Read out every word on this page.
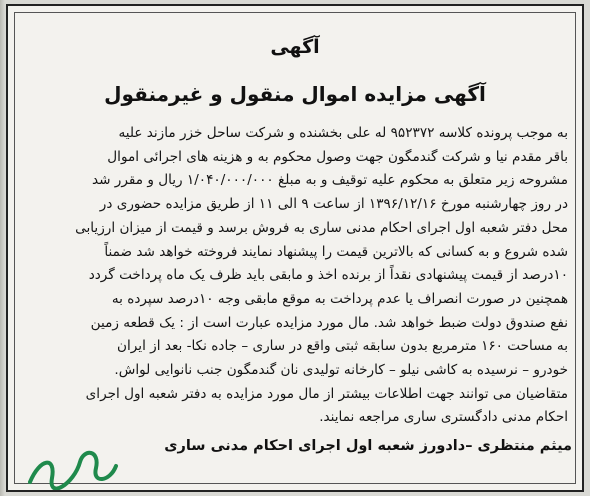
آگهی
آگهی مزایده اموال منقول و غیرمنقول
به موجب پرونده کلاسه ۹۵۲۳۷۲ له علی بخشنده و شرکت ساحل خزر مازند علیه
باقر مقدم نیا و شرکت گندمگون جهت وصول محکوم به و هزینه های اجرائی اموال
مشروحه زیر متعلق به محکوم علیه توقیف و به مبلغ ۱/۰۴۰/۰۰۰/۰۰۰ ریال و مقرر شد
در روز چهارشنبه مورخ ۱۳۹۶/۱۲/۱۶ از ساعت ۹ الی ۱۱ از طریق مزایده حضوری در
محل دفتر شعبه اول اجرای احکام مدنی ساری به فروش برسد و قیمت از میزان ارزیابی
شده شروع و به کسانی که بالاترین قیمت را پیشنهاد نمایند فروخته خواهد شد ضمناً
۱۰درصد از قیمت پیشنهادی نقداً از برنده اخذ و مابقی باید ظرف یک ماه پرداخت گردد
همچنین در صورت انصراف یا عدم پرداخت به موقع مابقی وجه ۱۰درصد سپرده به
نفع صندوق دولت ضبط خواهد شد. مال مورد مزایده عبارت است از : یک قطعه زمین
به مساحت ۱۶۰ مترمربع بدون سابقه ثبتی واقع در ساری – جاده نکا- بعد از ایران
خودرو – نرسیده به کاشی نیلو – کارخانه تولیدی نان گندمگون جنب نانوایی لواش.
متقاضیان می توانند جهت اطلاعات بیشتر از مال مورد مزایده به دفتر شعبه اول اجرای
احکام مدنی دادگستری ساری مراجعه نمایند.
میثم منتظری –دادورز شعبه اول اجرای احکام مدنی ساری
